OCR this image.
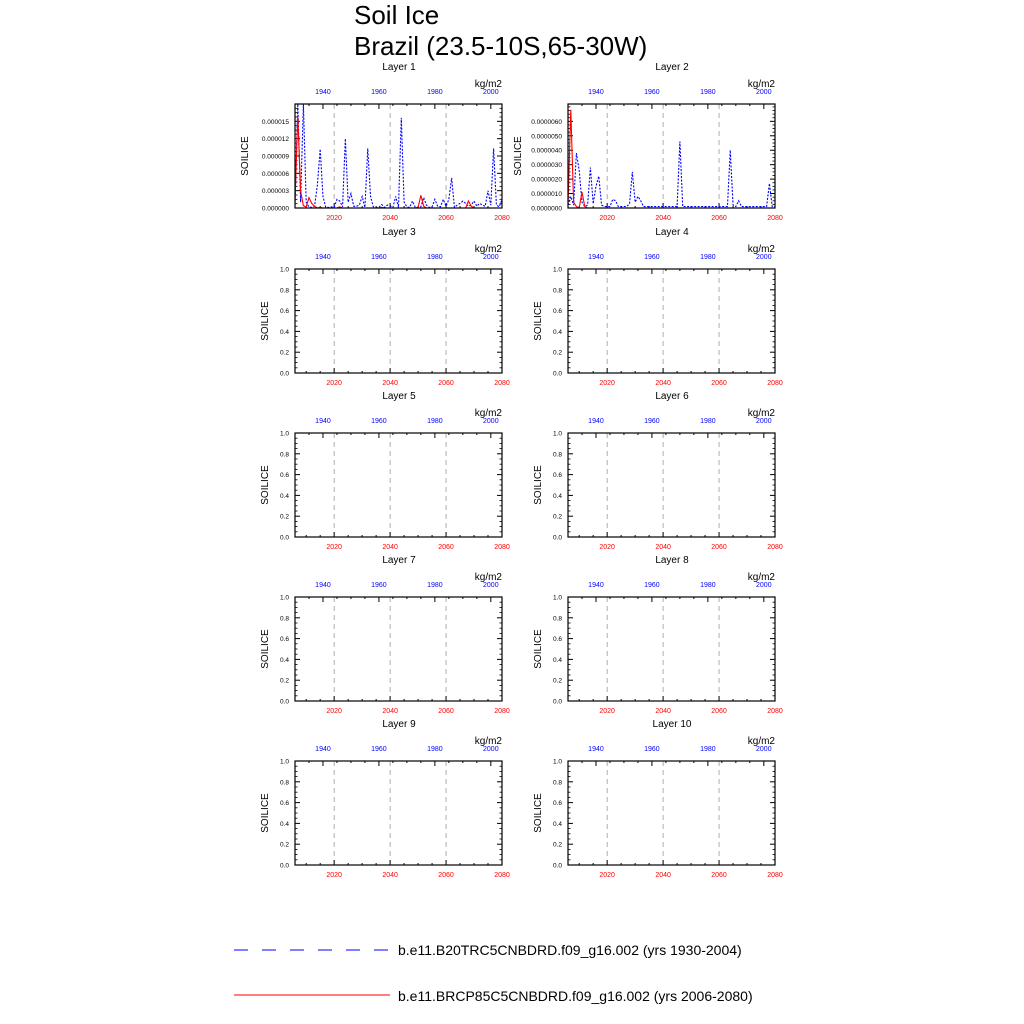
Soil Ice
Brazil (23.5-10S,65-30W)
Layer 1
kg/m2
SOILICE
2020	2040	2060	2080
1940	1960	1980	2000
0.000000
0.000003
0.000006
0.000009
0.000012
0.000015
Layer 2
kg/m2
SOILICE
2020	2040	2060	2080
1940	1960	1980	2000
0.0000000
0.0000010
0.0000020
0.0000030
0.0000040
0.0000050
0.0000060
Layer 3
kg/m2
SOILICE
2020	2040	2060	2080
1940	1960	1980	2000
0.0
0.2
0.4
0.6
0.8
1.0
Layer 4
kg/m2
SOILICE
2020	2040	2060	2080
1940	1960	1980	2000
0.0
0.2
0.4
0.6
0.8
1.0
Layer 5
kg/m2
SOILICE
2020	2040	2060	2080
1940	1960	1980	2000
0.0
0.2
0.4
0.6
0.8
1.0
Layer 6
kg/m2
SOILICE
2020	2040	2060	2080
1940	1960	1980	2000
0.0
0.2
0.4
0.6
0.8
1.0
Layer 7
kg/m2
SOILICE
2020	2040	2060	2080
1940	1960	1980	2000
0.0
0.2
0.4
0.6
0.8
1.0
Layer 8
kg/m2
SOILICE
2020	2040	2060	2080
1940	1960	1980	2000
0.0
0.2
0.4
0.6
0.8
1.0
Layer 9
kg/m2
SOILICE
2020	2040	2060	2080
1940	1960	1980	2000
0.0
0.2
0.4
0.6
0.8
1.0
Layer 10
kg/m2
SOILICE
2020	2040	2060	2080
1940	1960	1980	2000
0.0
0.2
0.4
0.6
0.8
1.0
b.e11.B20TRC5CNBDRD.f09_g16.002 (yrs 1930-2004)
b.e11.BRCP85C5CNBDRD.f09_g16.002 (yrs 2006-2080)
